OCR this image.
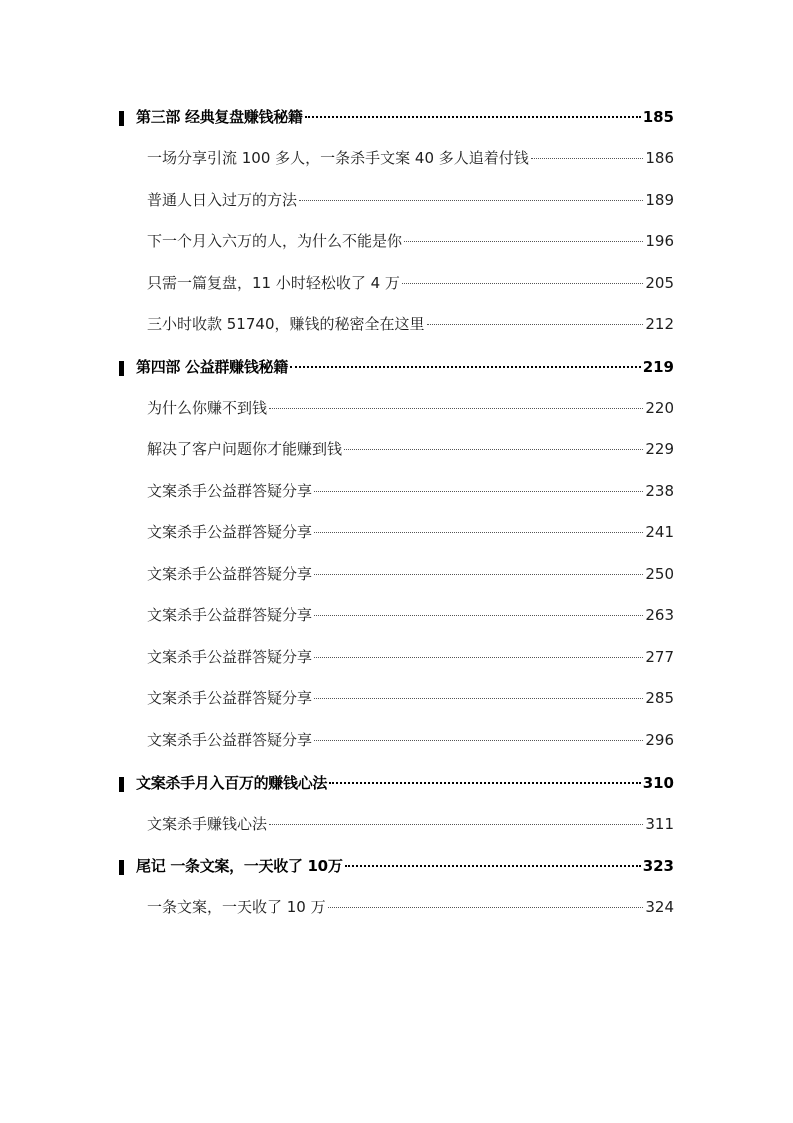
第三部 经典复盘赚钱秘籍	185
一场分享引流 100 多人，一条杀手文案 40 多人追着付钱	186
普通人日入过万的方法	189
下一个月入六万的人，为什么不能是你	196
只需一篇复盘，11 小时轻松收了 4 万	205
三小时收款 51740，赚钱的秘密全在这里	212
第四部 公益群赚钱秘籍	219
为什么你赚不到钱	220
解决了客户问题你才能赚到钱	229
文案杀手公益群答疑分享	238
文案杀手公益群答疑分享	241
文案杀手公益群答疑分享	250
文案杀手公益群答疑分享	263
文案杀手公益群答疑分享	277
文案杀手公益群答疑分享	285
文案杀手公益群答疑分享	296
文案杀手月入百万的赚钱心法	310
文案杀手赚钱心法	311
尾记 一条文案，一天收了 10万	323
一条文案，一天收了 10 万	324
